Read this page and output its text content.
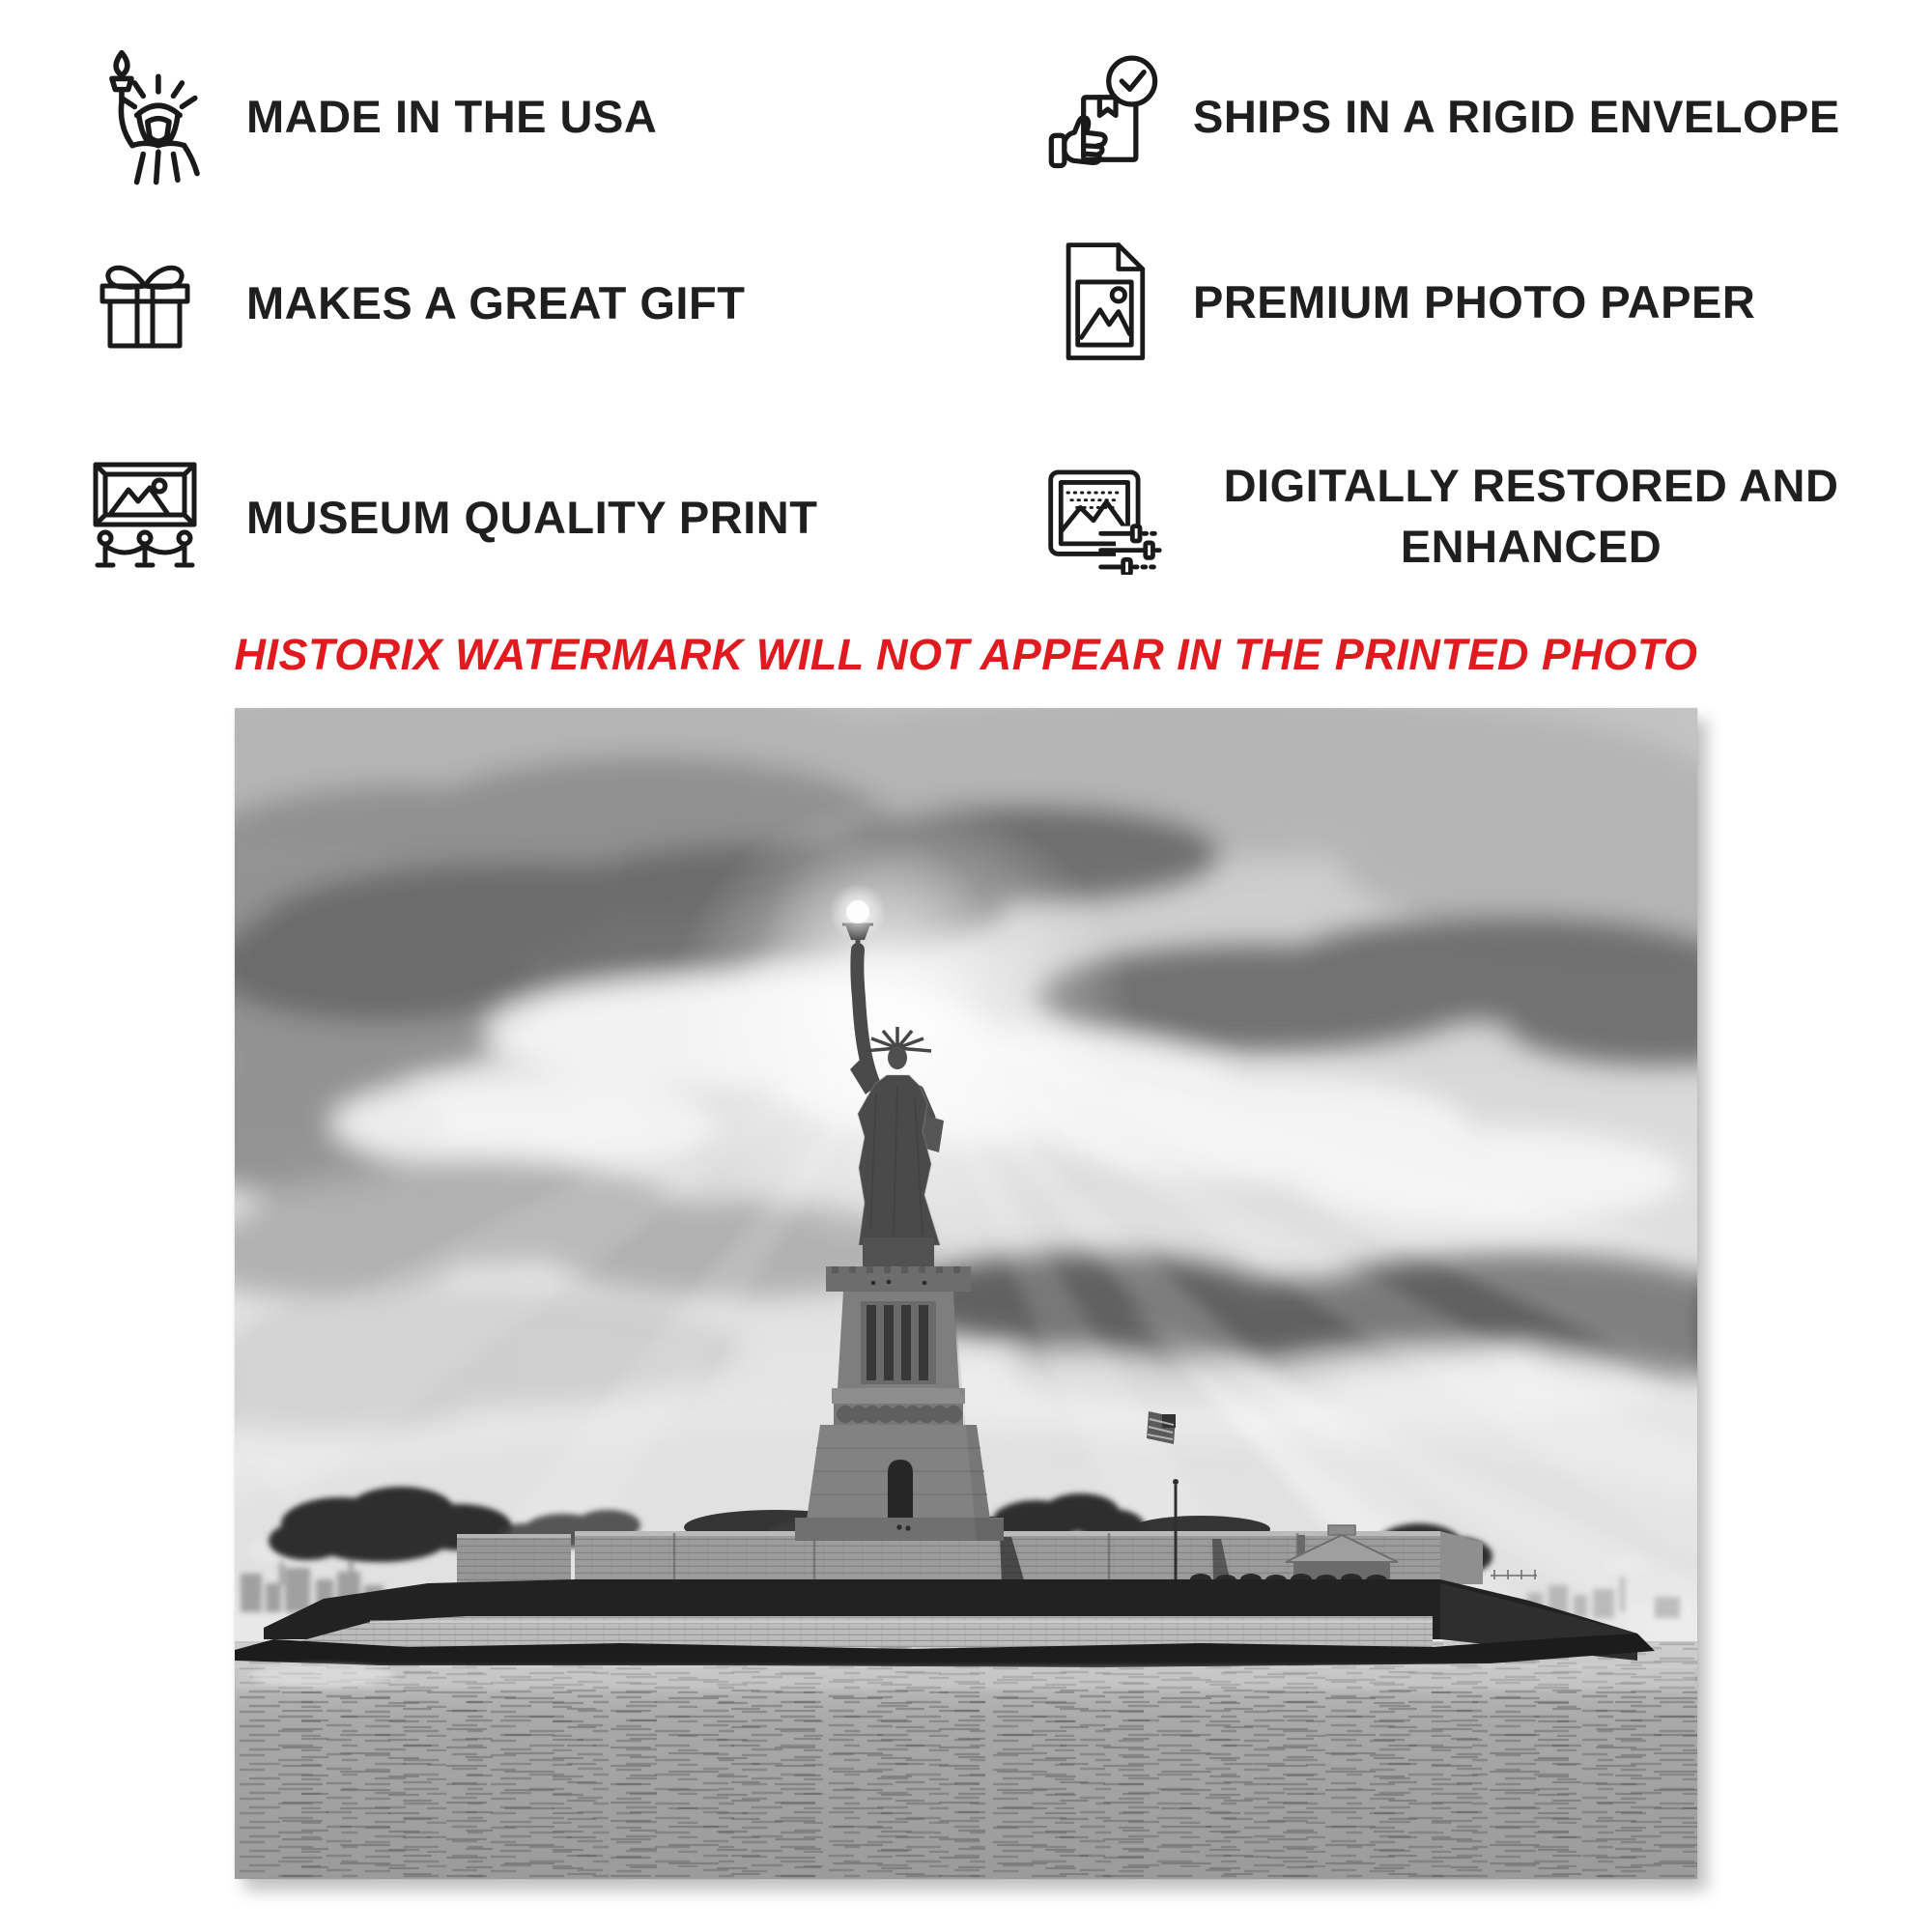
MADE IN THE USA	SHIPS IN A RIGID ENVELOPE
MAKES A GREAT GIFT	PREMIUM PHOTO PAPER
MUSEUM QUALITY PRINT
DIGITALLY RESTORED AND ENHANCED
HISTORIX WATERMARK WILL NOT APPEAR IN THE PRINTED PHOTO
